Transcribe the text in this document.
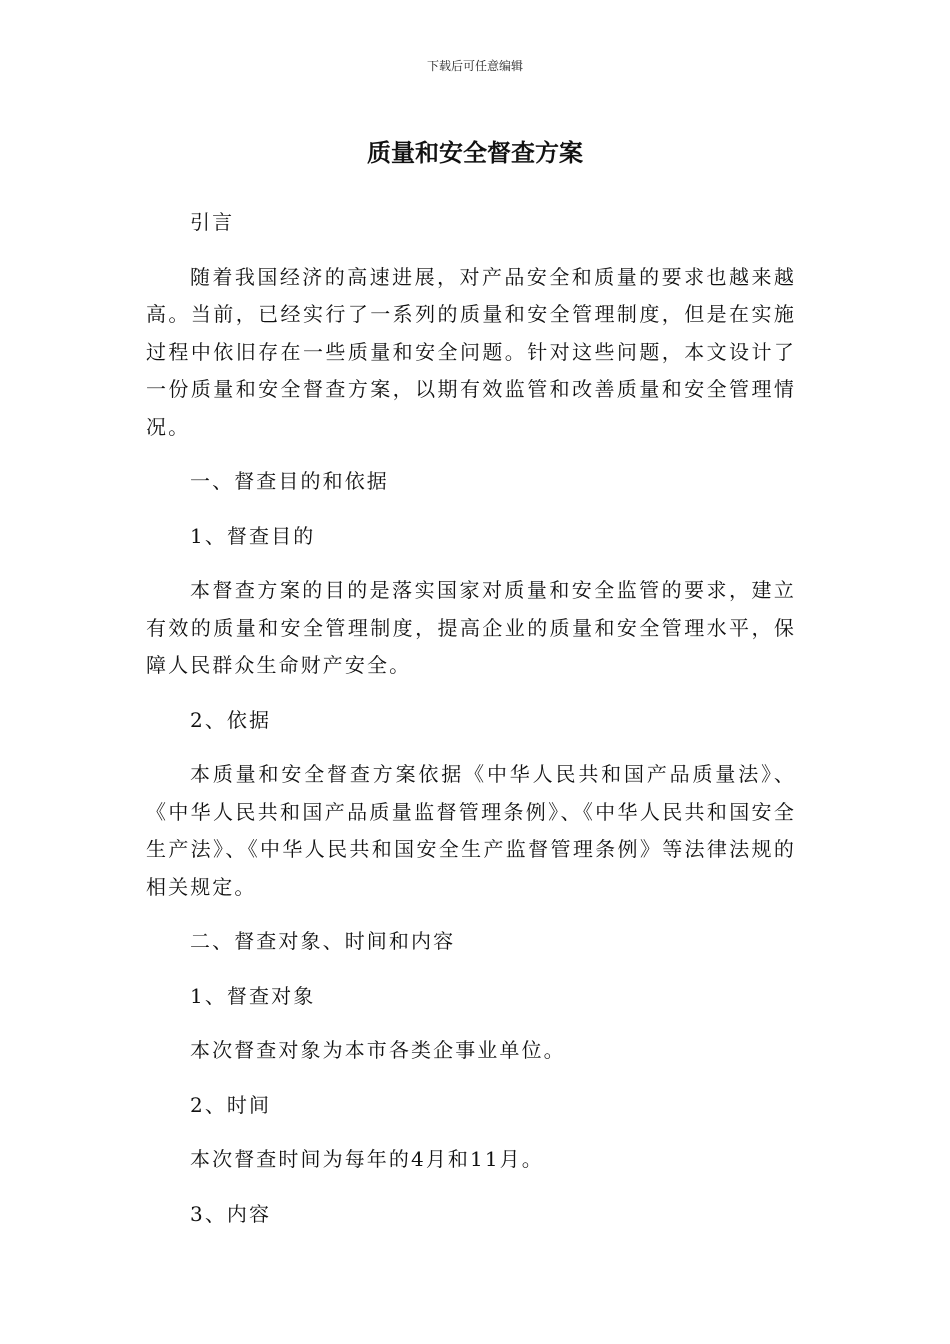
下载后可任意编辑
质量和安全督查方案

引言

随着我国经济的高速进展，对产品安全和质量的要求也越来越高。当前，已经实行了一系列的质量和安全管理制度，但是在实施过程中依旧存在一些质量和安全问题。针对这些问题，本文设计了一份质量和安全督查方案，以期有效监管和改善质量和安全管理情况。

一、督查目的和依据

1、督查目的

本督查方案的目的是落实国家对质量和安全监管的要求，建立有效的质量和安全管理制度，提高企业的质量和安全管理水平，保障人民群众生命财产安全。

2、依据

本质量和安全督查方案依据《中华人民共和国产品质量法》、《中华人民共和国产品质量监督管理条例》、《中华人民共和国安全生产法》、《中华人民共和国安全生产监督管理条例》等法律法规的相关规定。

二、督查对象、时间和内容

1、督查对象

本次督查对象为本市各类企事业单位。

2、时间

本次督查时间为每年的4月和11月。

3、内容
